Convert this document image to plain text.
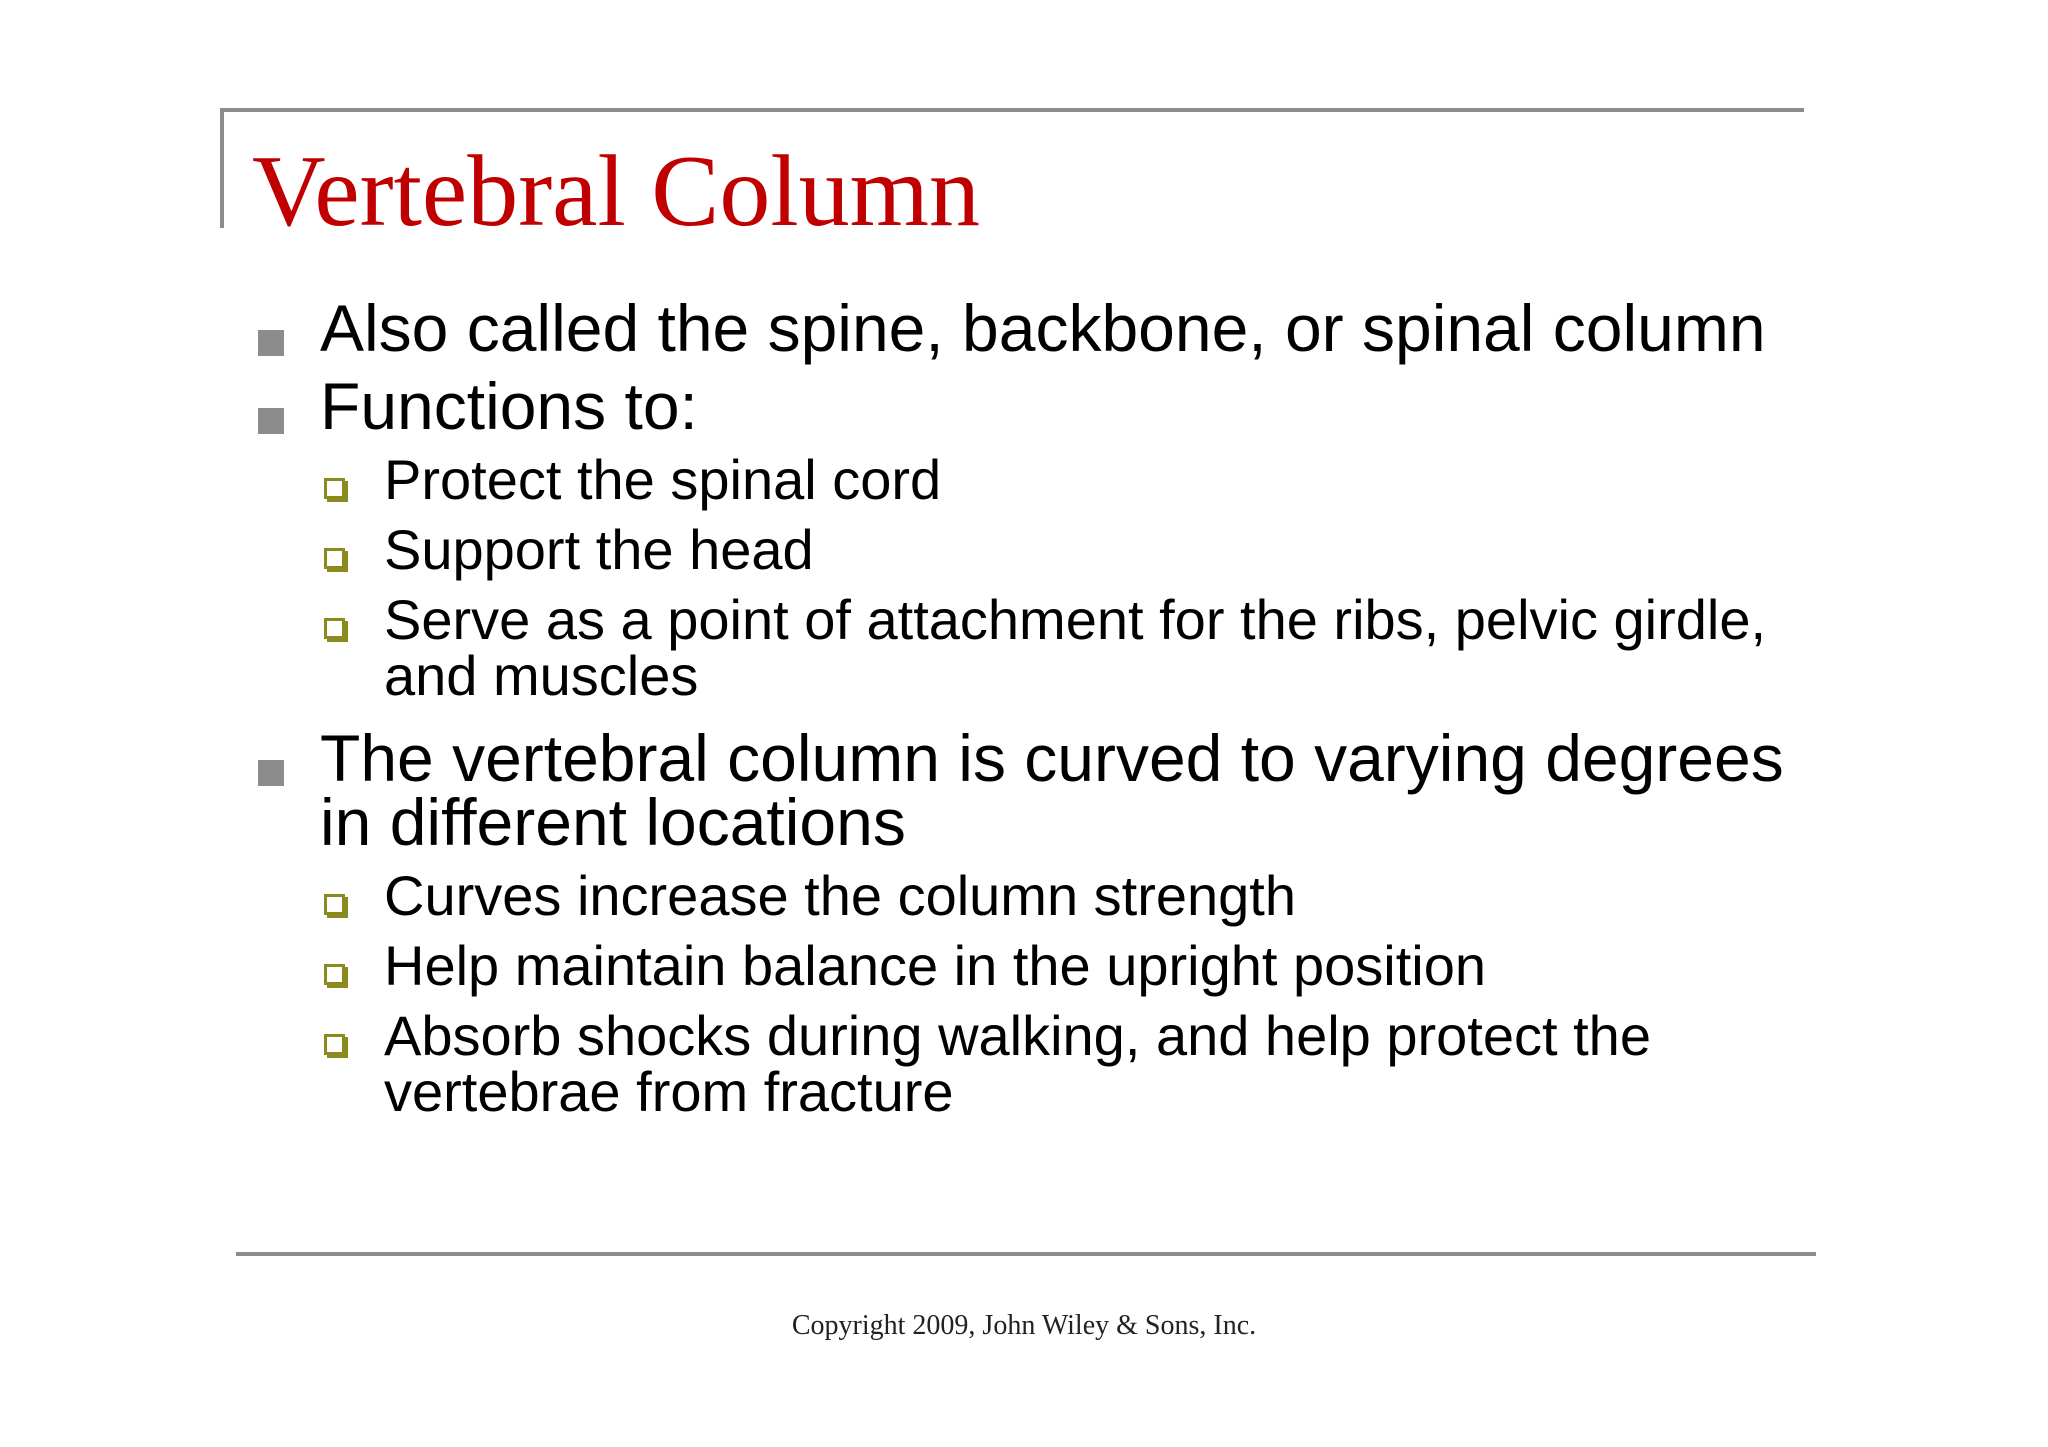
Vertebral Column
Also called the spine, backbone, or spinal column
Functions to:
Protect the spinal cord
Support the head
Serve as a point of attachment for the ribs, pelvic girdle, and muscles
The vertebral column is curved to varying degrees in different locations
Curves increase the column strength
Help maintain balance in the upright position
Absorb shocks during walking, and help protect the vertebrae from fracture
Copyright 2009, John Wiley & Sons, Inc.
